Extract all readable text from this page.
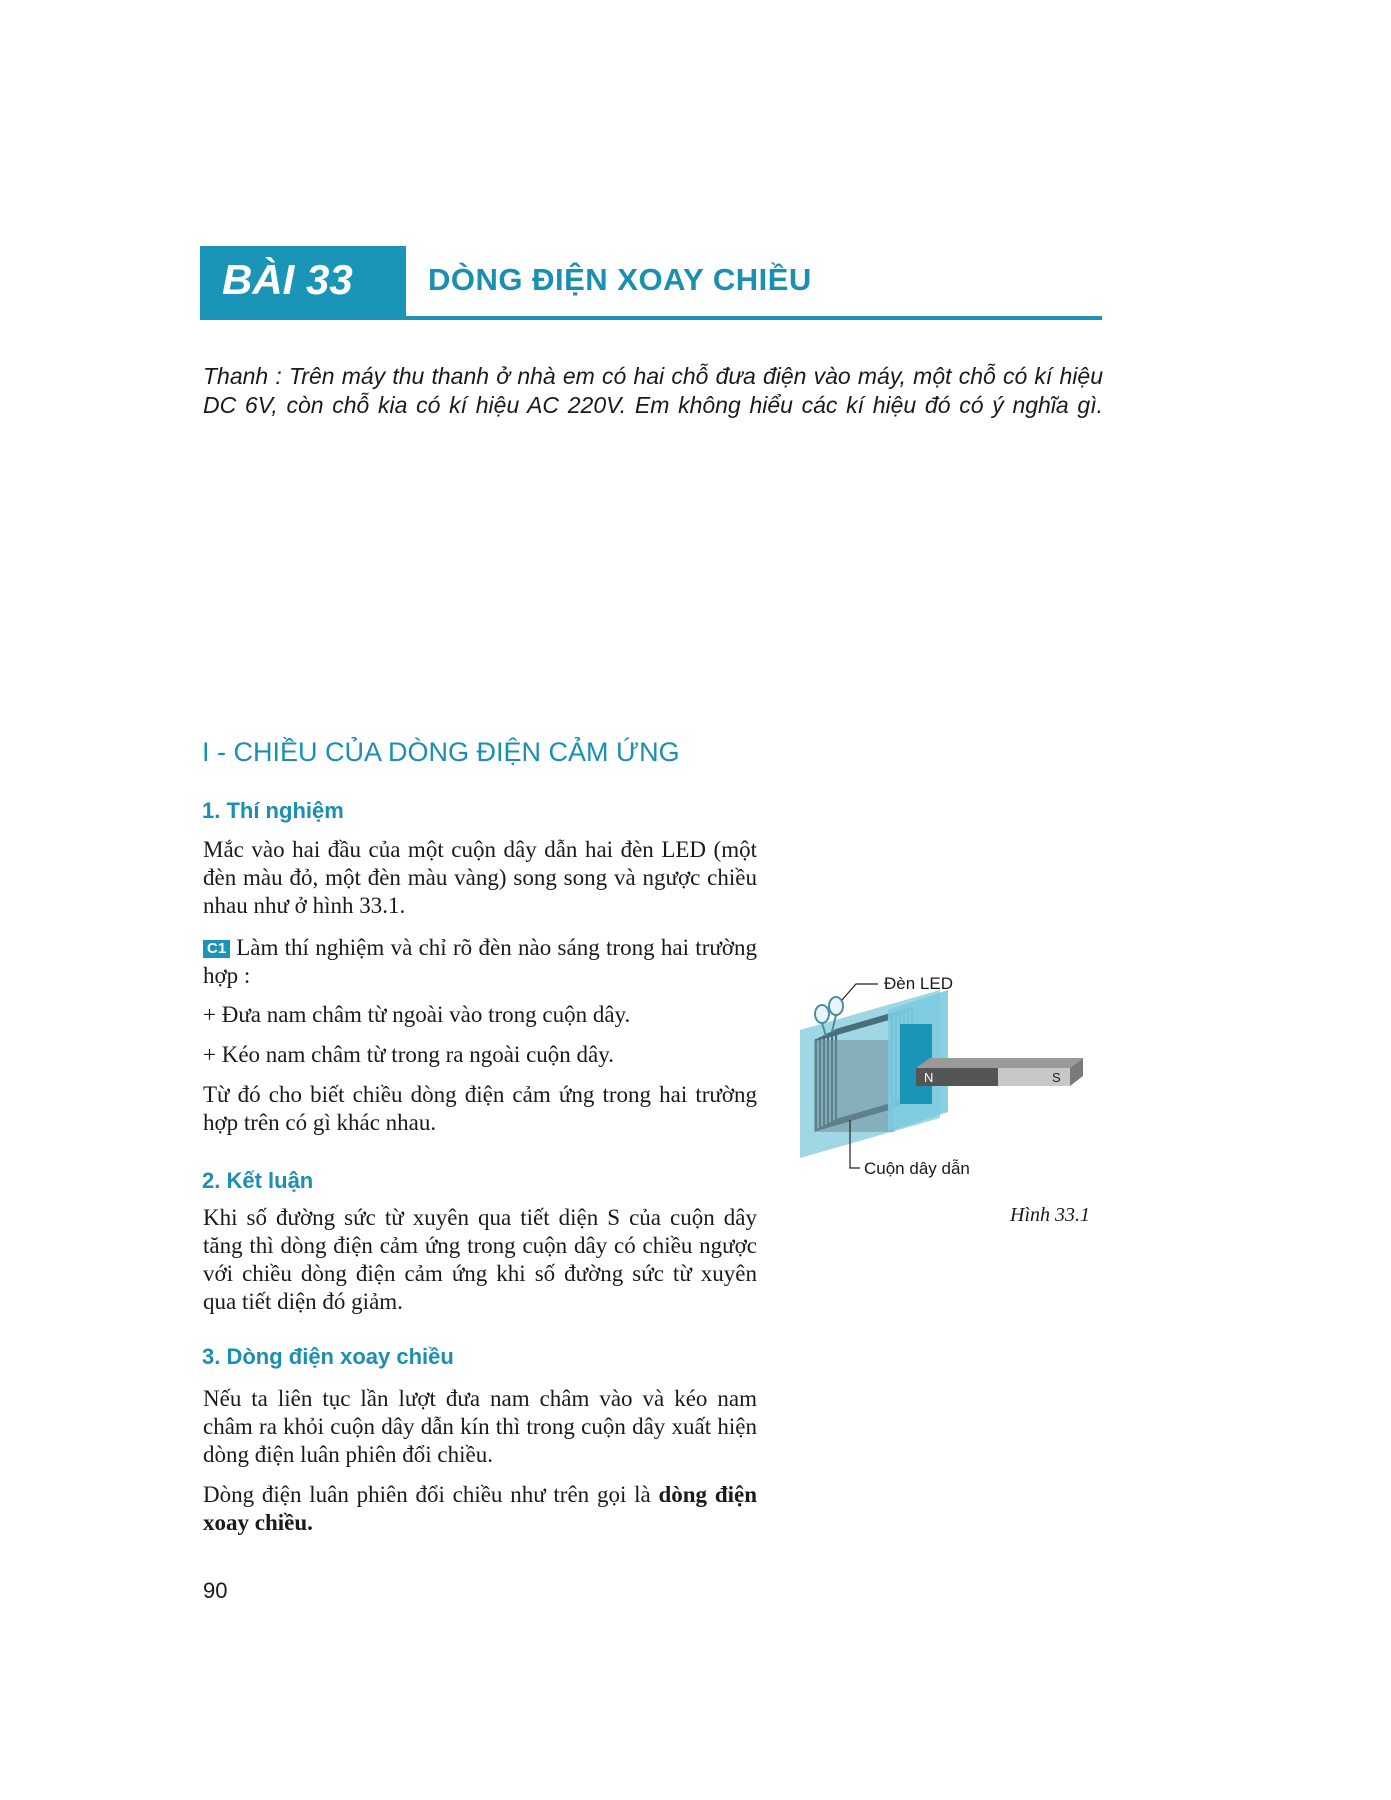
BÀI 33 DÒNG ĐIỆN XOAY CHIỀU
Thanh : Trên máy thu thanh ở nhà em có hai chỗ đưa điện vào máy, một chỗ có kí hiệu DC 6V, còn chỗ kia có kí hiệu AC 220V. Em không hiểu các kí hiệu đó có ý nghĩa gì.
I - CHIỀU CỦA DÒNG ĐIỆN CẢM ỨNG
1. Thí nghiệm
Mắc vào hai đầu của một cuộn dây dẫn hai đèn LED (một đèn màu đỏ, một đèn màu vàng) song song và ngược chiều nhau như ở hình 33.1.
C1 Làm thí nghiệm và chỉ rõ đèn nào sáng trong hai trường hợp :
+ Đưa nam châm từ ngoài vào trong cuộn dây.
+ Kéo nam châm từ trong ra ngoài cuộn dây.
Từ đó cho biết chiều dòng điện cảm ứng trong hai trường hợp trên có gì khác nhau.
2. Kết luận
Khi số đường sức từ xuyên qua tiết diện S của cuộn dây tăng thì dòng điện cảm ứng trong cuộn dây có chiều ngược với chiều dòng điện cảm ứng khi số đường sức từ xuyên qua tiết diện đó giảm.
3. Dòng điện xoay chiều
Nếu ta liên tục lần lượt đưa nam châm vào và kéo nam châm ra khỏi cuộn dây dẫn kín thì trong cuộn dây xuất hiện dòng điện luân phiên đổi chiều.
Dòng điện luân phiên đổi chiều như trên gọi là dòng điện xoay chiều.
N	S
Đèn LED
Cuộn dây dẫn
Hình 33.1
90
